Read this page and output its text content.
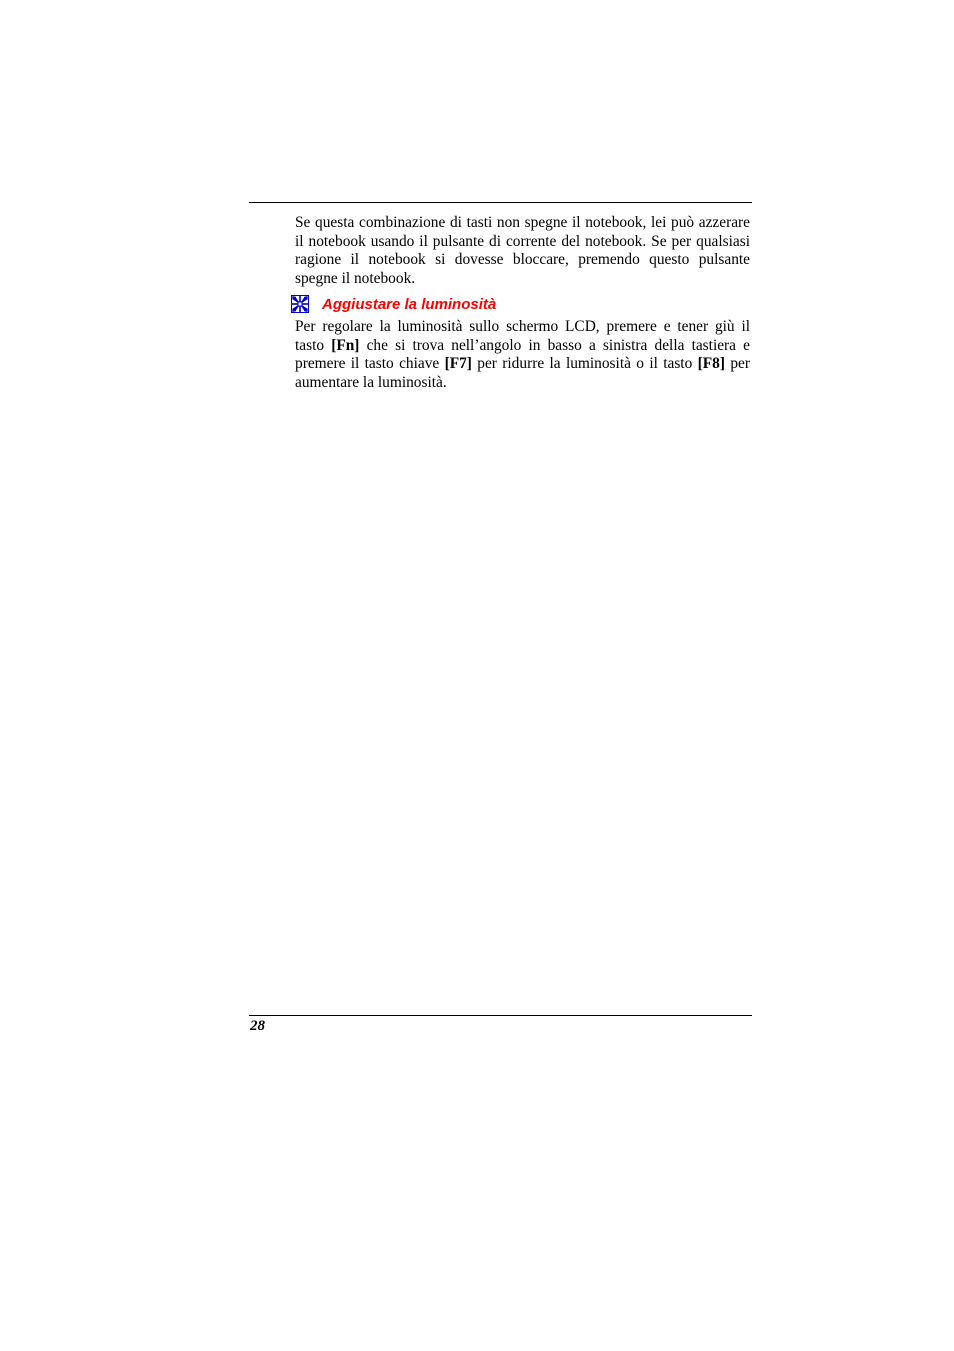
Se questa combinazione di tasti non spegne il notebook, lei può azzerare il notebook usando il pulsante di corrente del notebook. Se per qualsiasi ragione il notebook si dovesse bloccare, premendo questo pulsante spegne il notebook.

Aggiustare la luminosità

Per regolare la luminosità sullo schermo LCD, premere e tener giù il tasto [Fn] che si trova nell’angolo in basso a sinistra della tastiera e premere il tasto chiave [F7] per ridurre la luminosità o il tasto [F8] per aumentare la luminosità.

28
